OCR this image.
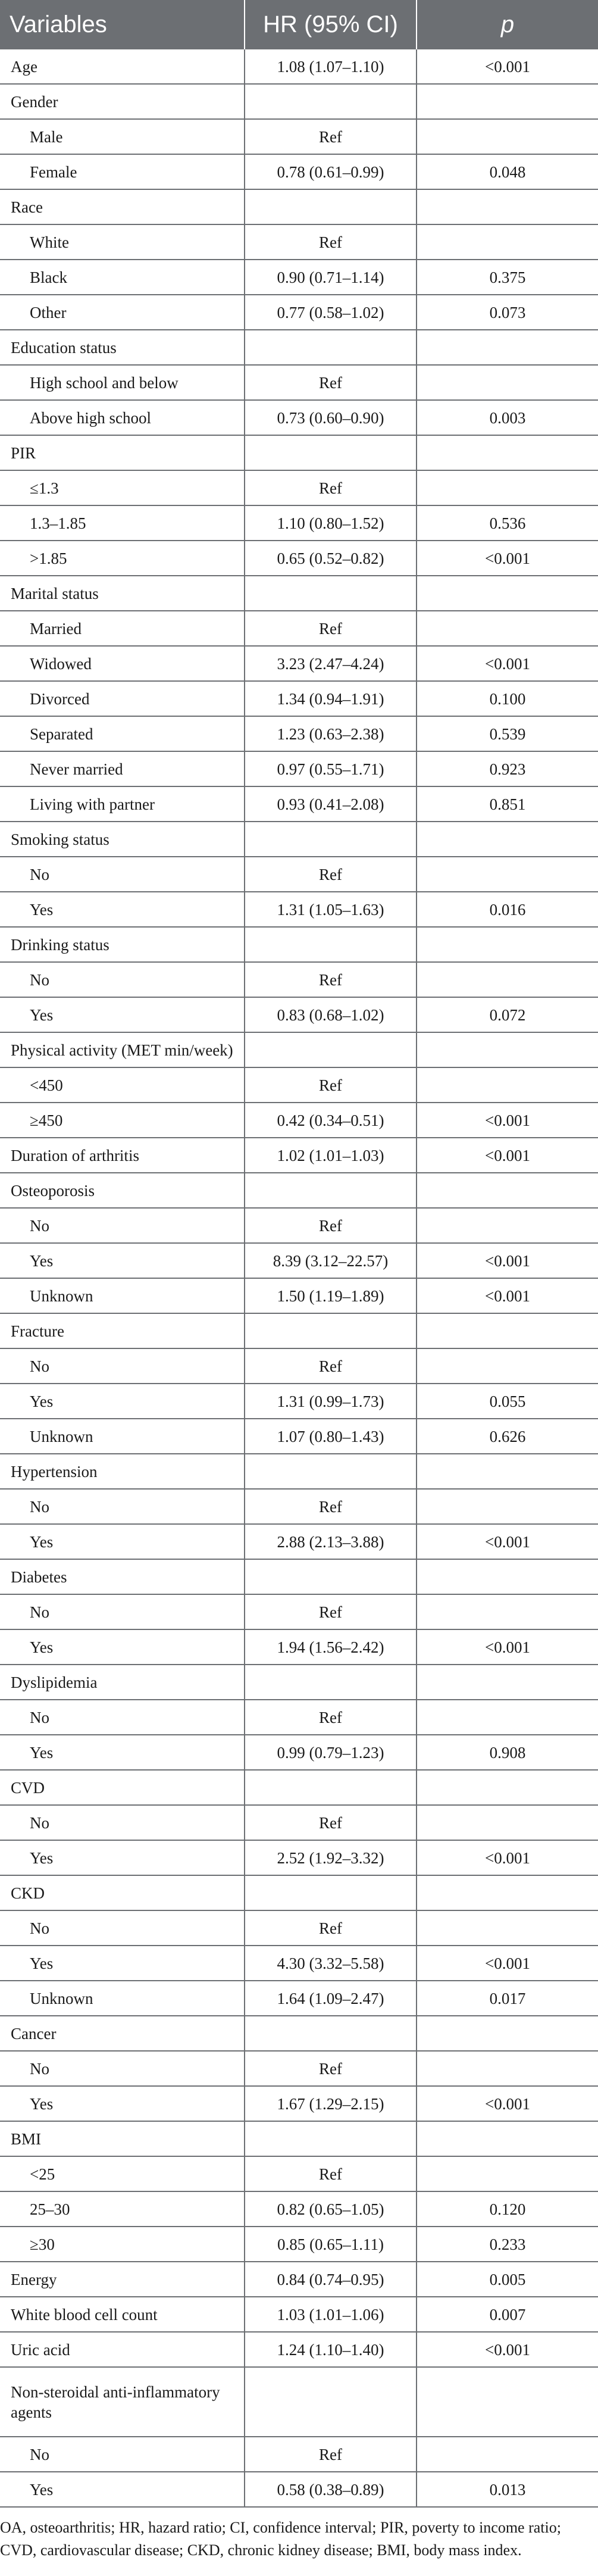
Variables	HR (95% CI)	p
Age	1.08 (1.07–1.10)	<0.001
Gender		
Male	Ref	
Female	0.78 (0.61–0.99)	0.048
Race		
White	Ref	
Black	0.90 (0.71–1.14)	0.375
Other	0.77 (0.58–1.02)	0.073
Education status		
High school and below	Ref	
Above high school	0.73 (0.60–0.90)	0.003
PIR		
≤1.3	Ref	
1.3–1.85	1.10 (0.80–1.52)	0.536
>1.85	0.65 (0.52–0.82)	<0.001
Marital status		
Married	Ref	
Widowed	3.23 (2.47–4.24)	<0.001
Divorced	1.34 (0.94–1.91)	0.100
Separated	1.23 (0.63–2.38)	0.539
Never married	0.97 (0.55–1.71)	0.923
Living with partner	0.93 (0.41–2.08)	0.851
Smoking status		
No	Ref	
Yes	1.31 (1.05–1.63)	0.016
Drinking status		
No	Ref	
Yes	0.83 (0.68–1.02)	0.072
Physical activity (MET min/week)		
<450	Ref	
≥450	0.42 (0.34–0.51)	<0.001
Duration of arthritis	1.02 (1.01–1.03)	<0.001
Osteoporosis		
No	Ref	
Yes	8.39 (3.12–22.57)	<0.001
Unknown	1.50 (1.19–1.89)	<0.001
Fracture		
No	Ref	
Yes	1.31 (0.99–1.73)	0.055
Unknown	1.07 (0.80–1.43)	0.626
Hypertension		
No	Ref	
Yes	2.88 (2.13–3.88)	<0.001
Diabetes		
No	Ref	
Yes	1.94 (1.56–2.42)	<0.001
Dyslipidemia		
No	Ref	
Yes	0.99 (0.79–1.23)	0.908
CVD		
No	Ref	
Yes	2.52 (1.92–3.32)	<0.001
CKD		
No	Ref	
Yes	4.30 (3.32–5.58)	<0.001
Unknown	1.64 (1.09–2.47)	0.017
Cancer		
No	Ref	
Yes	1.67 (1.29–2.15)	<0.001
BMI		
<25	Ref	
25–30	0.82 (0.65–1.05)	0.120
≥30	0.85 (0.65–1.11)	0.233
Energy	0.84 (0.74–0.95)	0.005
White blood cell count	1.03 (1.01–1.06)	0.007
Uric acid	1.24 (1.10–1.40)	<0.001
Non-steroidal anti-inflammatory agents		
No	Ref	
Yes	0.58 (0.38–0.89)	0.013
OA, osteoarthritis; HR, hazard ratio; CI, confidence interval; PIR, poverty to income ratio; CVD, cardiovascular disease; CKD, chronic kidney disease; BMI, body mass index.
